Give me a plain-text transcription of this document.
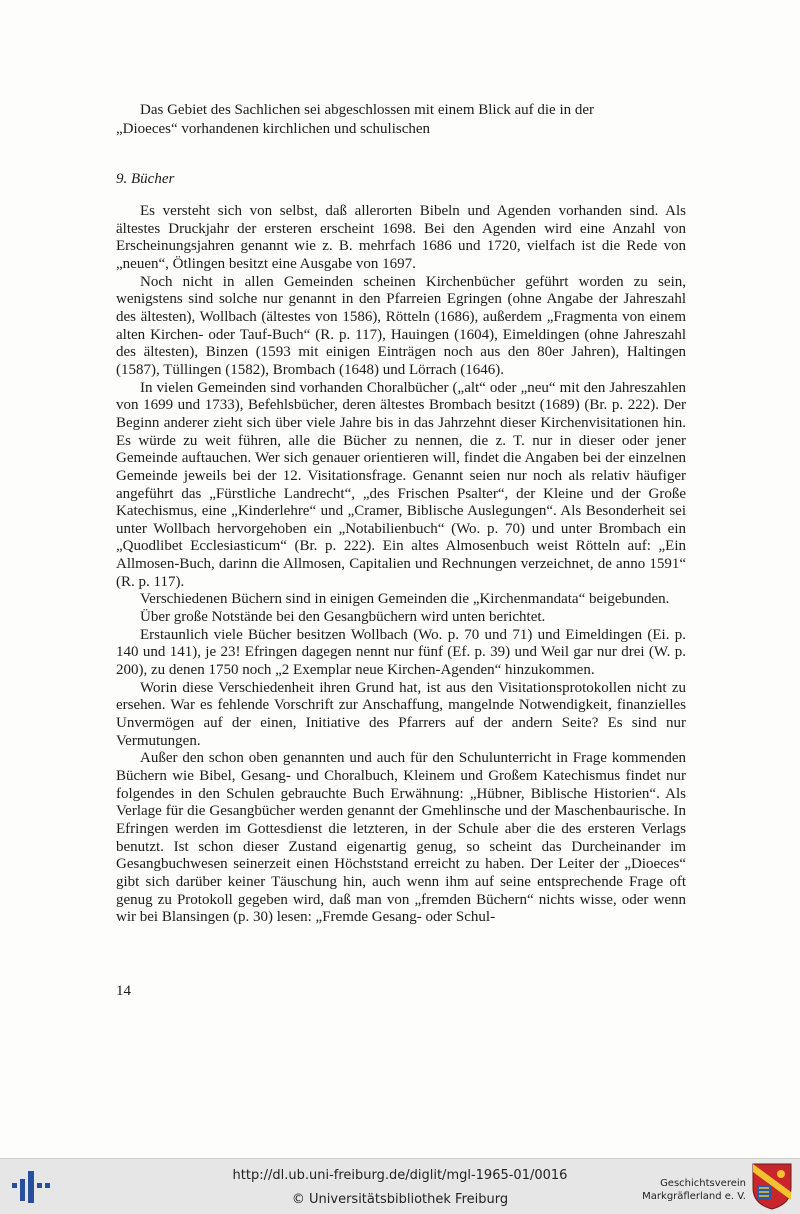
Das Gebiet des Sachlichen sei abgeschlossen mit einem Blick auf die in der
„Dioeces“ vorhandenen kirchlichen und schulischen
9. Bücher

Es versteht sich von selbst, daß allerorten Bibeln und Agenden vorhanden sind. Als ältestes Druckjahr der ersteren erscheint 1698. Bei den Agenden wird eine Anzahl von Erscheinungsjahren genannt wie z. B. mehrfach 1686 und 1720, vielfach ist die Rede von „neuen“, Ötlingen besitzt eine Ausgabe von 1697.

Noch nicht in allen Gemeinden scheinen Kirchenbücher geführt worden zu sein, wenigstens sind solche nur genannt in den Pfarreien Egringen (ohne Angabe der Jahreszahl des ältesten), Wollbach (ältestes von 1586), Rötteln (1686), außerdem „Fragmenta von einem alten Kirchen- oder Tauf-Buch“ (R. p. 117), Hauingen (1604), Eimeldingen (ohne Jahreszahl des ältesten), Binzen (1593 mit einigen Einträgen noch aus den 80er Jahren), Haltingen (1587), Tüllingen (1582), Brombach (1648) und Lörrach (1646).

In vielen Gemeinden sind vorhanden Choralbücher („alt“ oder „neu“ mit den Jahreszahlen von 1699 und 1733), Befehlsbücher, deren ältestes Brombach besitzt (1689) (Br. p. 222). Der Beginn anderer zieht sich über viele Jahre bis in das Jahrzehnt dieser Kirchenvisitationen hin. Es würde zu weit führen, alle die Bücher zu nennen, die z. T. nur in dieser oder jener Gemeinde auftauchen. Wer sich genauer orientieren will, findet die Angaben bei der einzelnen Gemeinde jeweils bei der 12. Visitationsfrage. Genannt seien nur noch als relativ häufiger angeführt das „Fürstliche Landrecht“, „des Frischen Psalter“, der Kleine und der Große Katechismus, eine „Kinderlehre“ und „Cramer, Biblische Auslegungen“. Als Besonderheit sei unter Wollbach hervorgehoben ein „Notabilienbuch“ (Wo. p. 70) und unter Brombach ein „Quodlibet Ecclesiasticum“ (Br. p. 222). Ein altes Almosenbuch weist Rötteln auf: „Ein Allmosen-Buch, darinn die Allmosen, Capitalien und Rechnungen verzeichnet, de anno 1591“ (R. p. 117).

Verschiedenen Büchern sind in einigen Gemeinden die „Kirchenmandata“ beigebunden.

Über große Notstände bei den Gesangbüchern wird unten berichtet.

Erstaunlich viele Bücher besitzen Wollbach (Wo. p. 70 und 71) und Eimeldingen (Ei. p. 140 und 141), je 23! Efringen dagegen nennt nur fünf (Ef. p. 39) und Weil gar nur drei (W. p. 200), zu denen 1750 noch „2 Exemplar neue Kirchen-Agenden“ hinzukommen.

Worin diese Verschiedenheit ihren Grund hat, ist aus den Visitationsprotokollen nicht zu ersehen. War es fehlende Vorschrift zur Anschaffung, mangelnde Notwendigkeit, finanzielles Unvermögen auf der einen, Initiative des Pfarrers auf der andern Seite? Es sind nur Vermutungen.

Außer den schon oben genannten und auch für den Schulunterricht in Frage kommenden Büchern wie Bibel, Gesang- und Choralbuch, Kleinem und Großem Katechismus findet nur folgendes in den Schulen gebrauchte Buch Erwähnung: „Hübner, Biblische Historien“. Als Verlage für die Gesangbücher werden genannt der Gmehlinsche und der Maschenbaurische. In Efringen werden im Gottesdienst die letzteren, in der Schule aber die des ersteren Verlags benutzt. Ist schon dieser Zustand eigenartig genug, so scheint das Durcheinander im Gesangbuchwesen seinerzeit einen Höchststand erreicht zu haben. Der Leiter der „Dioeces“ gibt sich darüber keiner Täuschung hin, auch wenn ihm auf seine entsprechende Frage oft genug zu Protokoll gegeben wird, daß man von „fremden Büchern“ nichts wisse, oder wenn wir bei Blansingen (p. 30) lesen: „Fremde Gesang- oder Schul-

14
http://dl.ub.uni-freiburg.de/diglit/mgl-1965-01/0016
© Universitätsbibliothek Freiburg
Geschichtsverein
Markgräflerland e. V.
